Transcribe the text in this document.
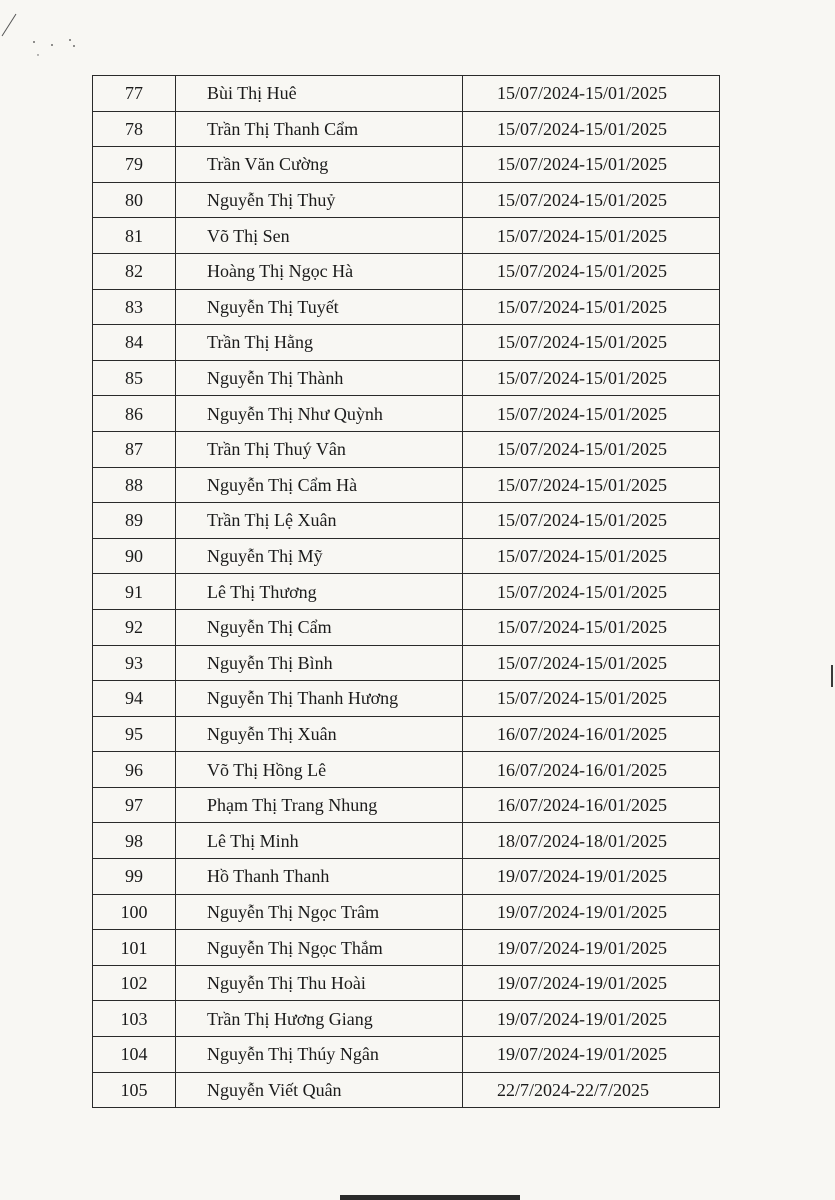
77	Bùi Thị Huê	15/07/2024-15/01/2025
78	Trần Thị Thanh Cẩm	15/07/2024-15/01/2025
79	Trần Văn Cường	15/07/2024-15/01/2025
80	Nguyễn Thị Thuỷ	15/07/2024-15/01/2025
81	Võ Thị Sen	15/07/2024-15/01/2025
82	Hoàng Thị Ngọc Hà	15/07/2024-15/01/2025
83	Nguyễn Thị Tuyết	15/07/2024-15/01/2025
84	Trần Thị Hằng	15/07/2024-15/01/2025
85	Nguyễn Thị Thành	15/07/2024-15/01/2025
86	Nguyễn Thị Như Quỳnh	15/07/2024-15/01/2025
87	Trần Thị Thuý Vân	15/07/2024-15/01/2025
88	Nguyễn Thị Cẩm Hà	15/07/2024-15/01/2025
89	Trần Thị Lệ Xuân	15/07/2024-15/01/2025
90	Nguyễn Thị Mỹ	15/07/2024-15/01/2025
91	Lê Thị Thương	15/07/2024-15/01/2025
92	Nguyễn Thị Cẩm	15/07/2024-15/01/2025
93	Nguyễn Thị Bình	15/07/2024-15/01/2025
94	Nguyễn Thị Thanh Hương	15/07/2024-15/01/2025
95	Nguyễn Thị Xuân	16/07/2024-16/01/2025
96	Võ Thị Hồng Lê	16/07/2024-16/01/2025
97	Phạm Thị Trang Nhung	16/07/2024-16/01/2025
98	Lê Thị Minh	18/07/2024-18/01/2025
99	Hồ Thanh Thanh	19/07/2024-19/01/2025
100	Nguyễn Thị Ngọc Trâm	19/07/2024-19/01/2025
101	Nguyễn Thị Ngọc Thắm	19/07/2024-19/01/2025
102	Nguyễn Thị Thu Hoài	19/07/2024-19/01/2025
103	Trần Thị Hương Giang	19/07/2024-19/01/2025
104	Nguyễn Thị Thúy Ngân	19/07/2024-19/01/2025
105	Nguyễn Viết Quân	22/7/2024-22/7/2025
